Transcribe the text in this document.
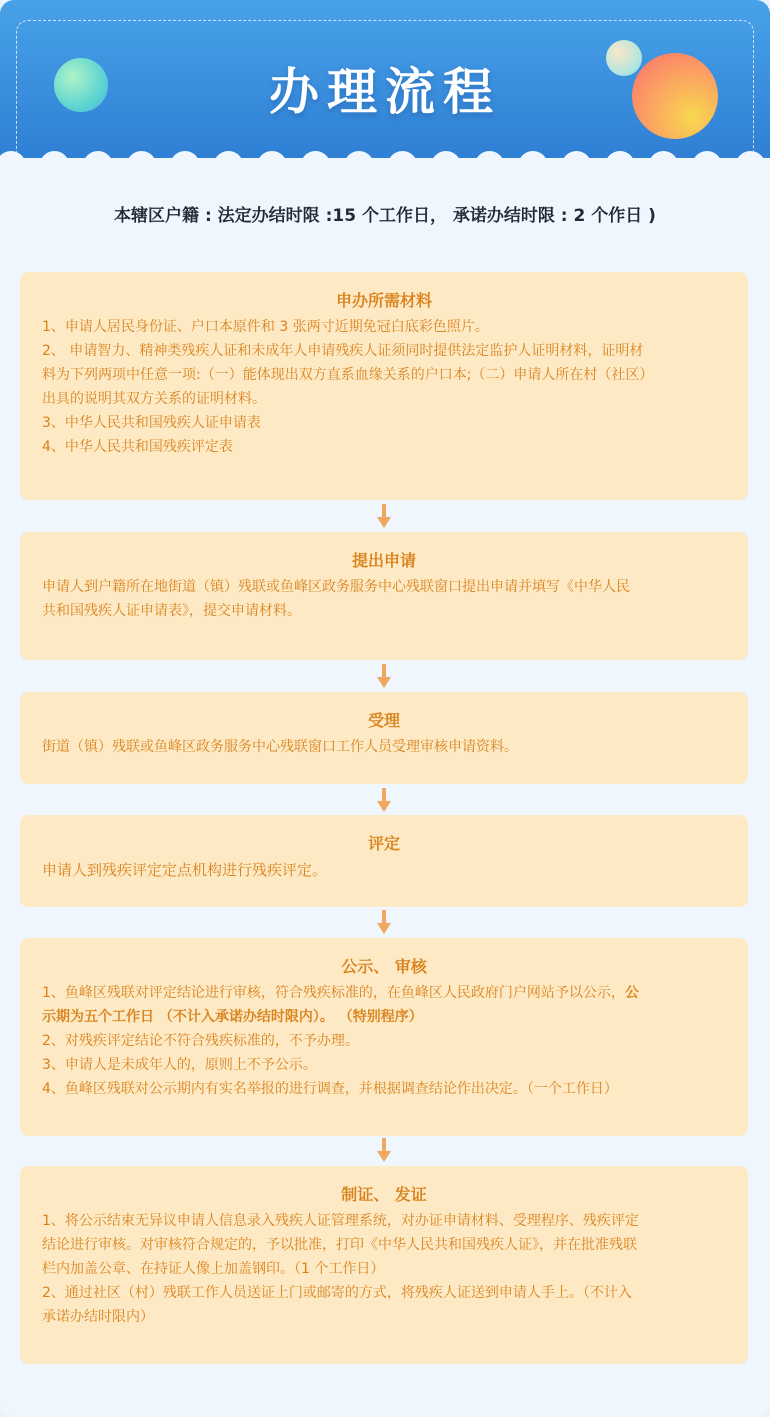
办理流程
本辖区户籍 : 法定办结时限 :15 个工作日， 承诺办结时限 : 2 个作日 )
申办所需材料
1、申请人居民身份证、户口本原件和 3 张两寸近期免冠白底彩色照片。
2、 申请智力、精神类残疾人证和未成年人申请残疾人证须同时提供法定监护人证明材料，证明材
料为下列两项中任意一项:（一）能体现出双方直系血缘关系的户口本;（二）申请人所在村（社区）
出具的说明其双方关系的证明材料。
3、中华人民共和国残疾人证申请表
4、中华人民共和国残疾评定表
提出申请
申请人到户籍所在地街道（镇）残联或鱼峰区政务服务中心残联窗口提出申请并填写《中华人民
共和国残疾人证申请表》，提交申请材料。
受理
街道（镇）残联或鱼峰区政务服务中心残联窗口工作人员受理审核申请资料。
评定
申请人到残疾评定定点机构进行残疾评定。
公示、 审核
1、鱼峰区残联对评定结论进行审核，符合残疾标准的，在鱼峰区人民政府门户网站予以公示，公
示期为五个工作日 （不计入承诺办结时限内）。 （特别程序）
2、对残疾评定结论不符合残疾标准的，不予办理。
3、申请人是未成年人的，原则上不予公示。
4、鱼峰区残联对公示期内有实名举报的进行调查，并根据调查结论作出决定。（一个工作日）
制证、 发证
1、将公示结束无异议申请人信息录入残疾人证管理系统，对办证申请材料、受理程序、残疾评定
结论进行审核。对审核符合规定的，予以批准，打印《中华人民共和国残疾人证》，并在批准残联
栏内加盖公章、在持证人像上加盖钢印。（1 个工作日）
2、通过社区（村）残联工作人员送证上门或邮寄的方式，将残疾人证送到申请人手上。（不计入
承诺办结时限内）
